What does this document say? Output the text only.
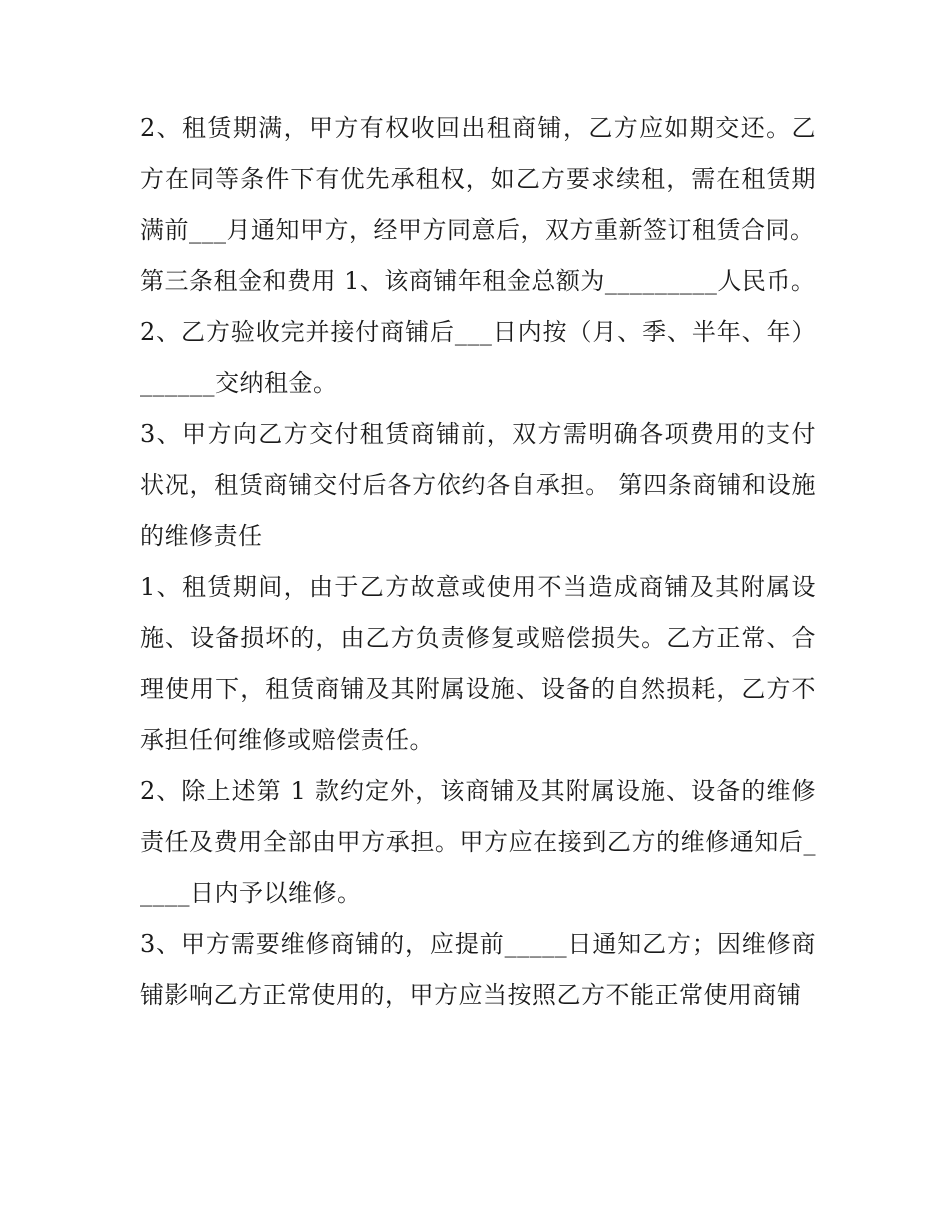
2、租赁期满，甲方有权收回出租商铺，乙方应如期交还。乙方在同等条件下有优先承租权，如乙方要求续租，需在租赁期满前___月通知甲方，经甲方同意后，双方重新签订租赁合同。

第三条租金和费用 1、该商铺年租金总额为_________人民币。

2、乙方验收完并接付商铺后___日内按（月、季、半年、年）______交纳租金。

3、甲方向乙方交付租赁商铺前，双方需明确各项费用的支付状况，租赁商铺交付后各方依约各自承担。 第四条商铺和设施的维修责任

1、租赁期间，由于乙方故意或使用不当造成商铺及其附属设施、设备损坏的，由乙方负责修复或赔偿损失。乙方正常、合理使用下，租赁商铺及其附属设施、设备的自然损耗，乙方不承担任何维修或赔偿责任。

2、除上述第 1 款约定外，该商铺及其附属设施、设备的维修责任及费用全部由甲方承担。甲方应在接到乙方的维修通知后_____日内予以维修。

3、甲方需要维修商铺的，应提前_____日通知乙方；因维修商铺影响乙方正常使用的，甲方应当按照乙方不能正常使用商铺
